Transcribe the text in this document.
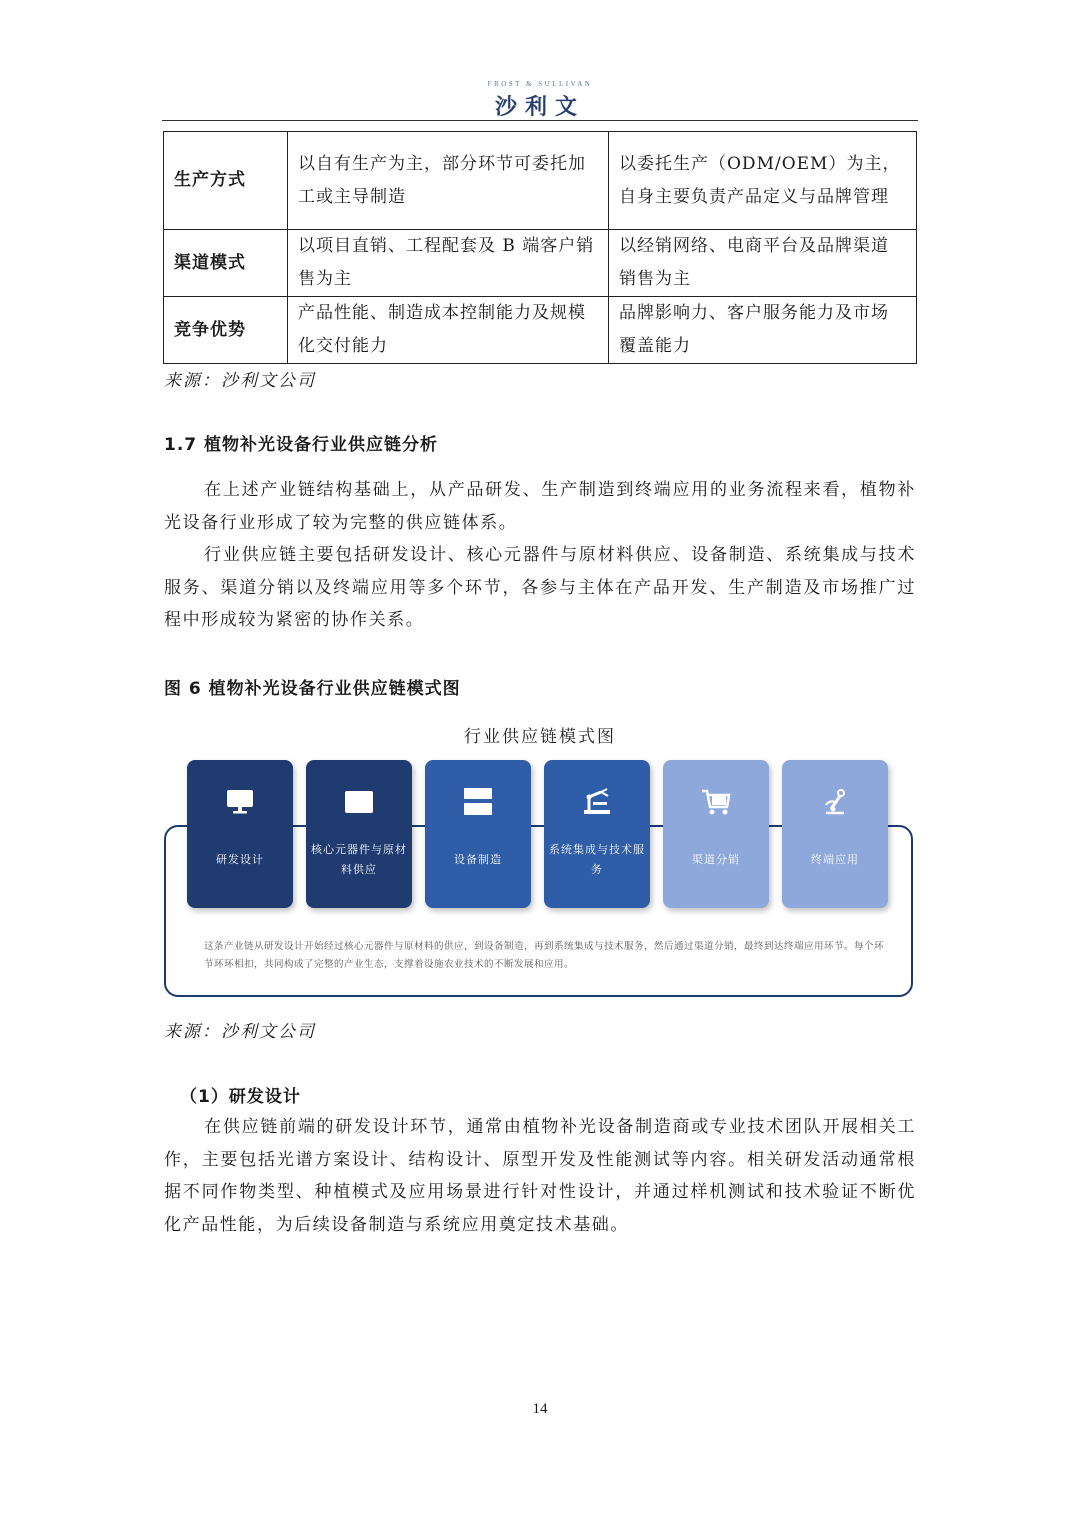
FROST & SULLIVAN
沙利文
生产方式	以自有生产为主，部分环节可委托加工或主导制造	以委托生产（ODM/OEM）为主，自身主要负责产品定义与品牌管理
渠道模式	以项目直销、工程配套及 B 端客户销售为主	以经销网络、电商平台及品牌渠道销售为主
竞争优势	产品性能、制造成本控制能力及规模化交付能力	品牌影响力、客户服务能力及市场覆盖能力
来源：沙利文公司
1.7 植物补光设备行业供应链分析

在上述产业链结构基础上，从产品研发、生产制造到终端应用的业务流程来看，植物补光设备行业形成了较为完整的供应链体系。

行业供应链主要包括研发设计、核心元器件与原材料供应、设备制造、系统集成与技术服务、渠道分销以及终端应用等多个环节，各参与主体在产品开发、生产制造及市场推广过程中形成较为紧密的协作关系。

图 6 植物补光设备行业供应链模式图
行业供应链模式图
研发设计
核心元器件与原材料供应
设备制造
系统集成与技术服务
渠道分销	终端应用
这条产业链从研发设计开始经过核心元器件与原材料的供应，到设备制造，再到系统集成与技术服务，然后通过渠道分销，最终到达终端应用环节。每个环节环环相扣，共同构成了完整的产业生态，支撑着设施农业技术的不断发展和应用。
来源：沙利文公司
（1）研发设计

在供应链前端的研发设计环节，通常由植物补光设备制造商或专业技术团队开展相关工作，主要包括光谱方案设计、结构设计、原型开发及性能测试等内容。相关研发活动通常根据不同作物类型、种植模式及应用场景进行针对性设计，并通过样机测试和技术验证不断优化产品性能，为后续设备制造与系统应用奠定技术基础。

14
